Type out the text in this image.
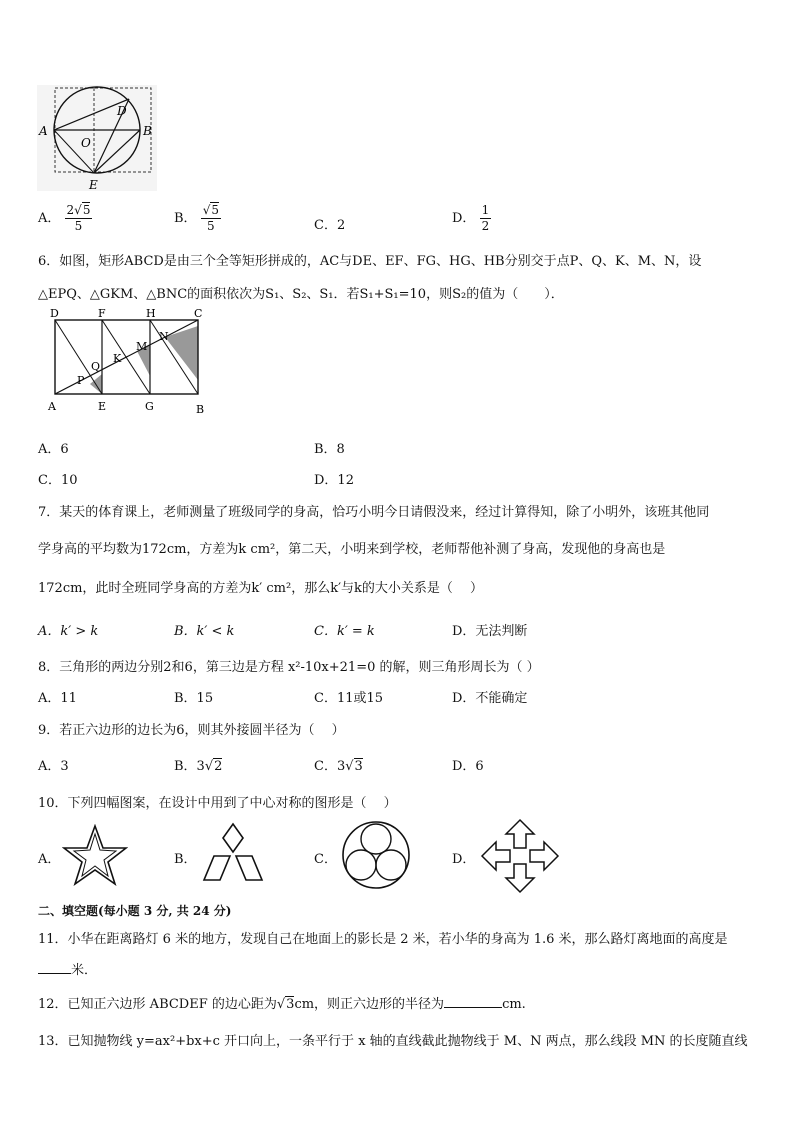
A	B
D
O
E
A． $\frac{2√5}{5}$	B． $\frac{√5}{5}$	C．2	D． $\frac{1}{2}$
6．如图，矩形ABCD是由三个全等矩形拼成的，AC与DE、EF、FG、HG、HB分别交于点P、Q、K、M、N，设
△EPQ、△GKM、△BNC的面积依次为S₁、S₂、S₁．若S₁+S₁=10，则S₂的值为（　　）．
D	F	H	C
A	E	G	B
P
Q
K
M
N
A．6	B．8
C．10	D．12
7．某天的体育课上，老师测量了班级同学的身高，恰巧小明今日请假没来，经过计算得知，除了小明外，该班其他同
学身高的平均数为172cm，方差为k cm²，第二天，小明来到学校，老师帮他补测了身高，发现他的身高也是
172cm，此时全班同学身高的方差为k′ cm²，那么k′与k的大小关系是（　 ）
A．k′ > k	B．k′ < k	C．k′ = k	D．无法判断
8．三角形的两边分别2和6，第三边是方程 x²-10x+21=0 的解，则三角形周长为（ ）
A．11	B．15	C．11或15	D．不能确定
9．若正六边形的边长为6，则其外接圆半径为（　 ）
A．3	B．3√2	C．3√3	D．6
10．下列四幅图案，在设计中用到了中心对称的图形是（　 ）
A．	B．	C．	D．
二、填空题(每小题 3 分, 共 24 分)
11．小华在距离路灯 6 米的地方，发现自己在地面上的影长是 2 米，若小华的身高为 1.6 米，那么路灯离地面的高度是
米．
12．已知正六边形 ABCDEF 的边心距为√3cm，则正六边形的半径为	cm.
13．已知抛物线 y=ax²+bx+c 开口向上，一条平行于 x 轴的直线截此抛物线于 M、N 两点，那么线段 MN 的长度随直线
